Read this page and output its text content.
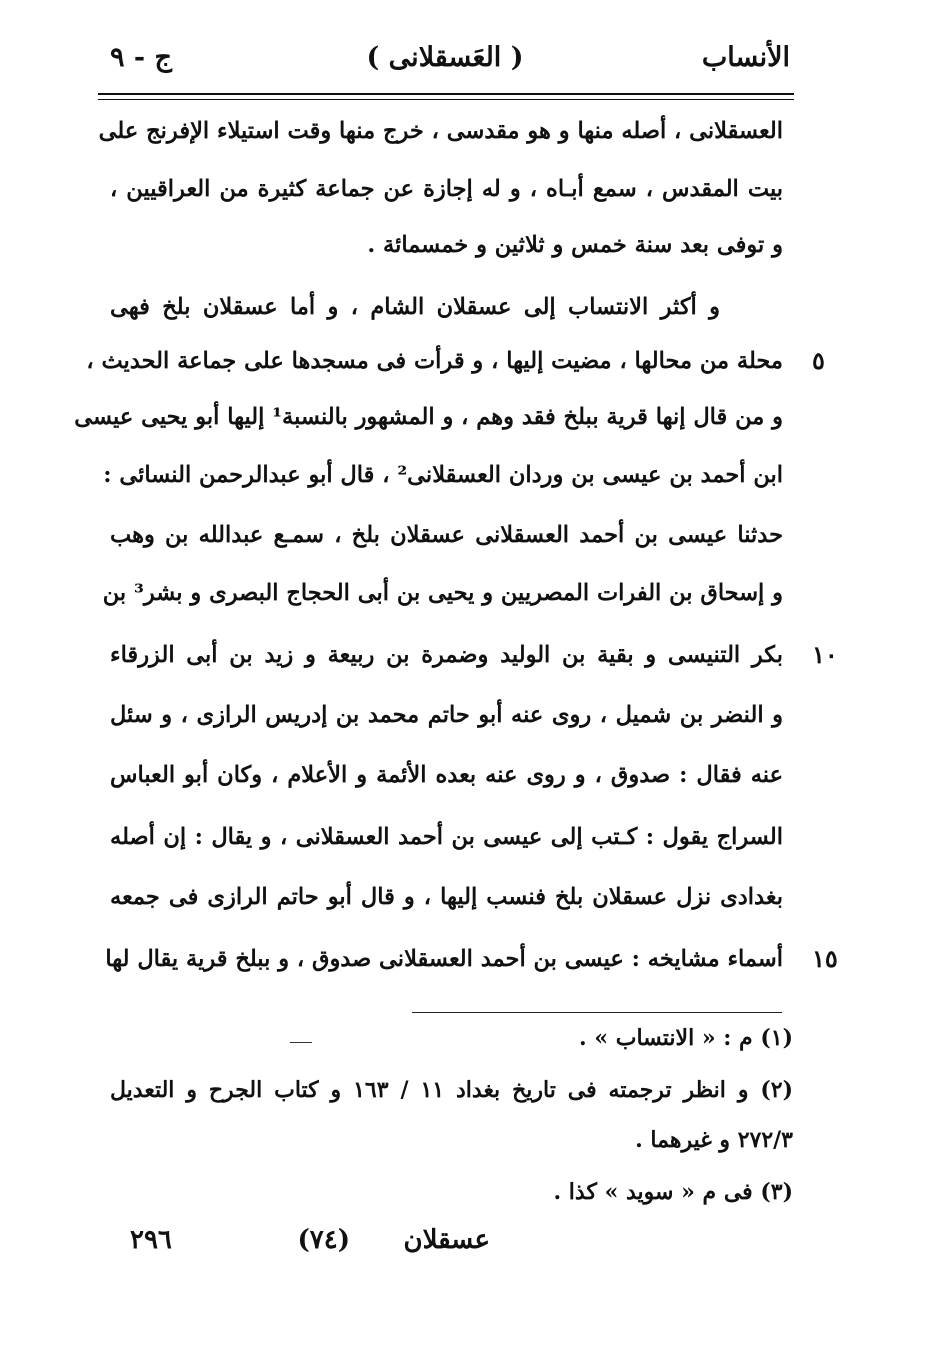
الأنساب
( العَسقلانى )
ج - ٩
العسقلانى ، أصله منها و هو مقدسى ، خرج منها وقت استيلاء الإفرنج على
بيت المقدس ، سمع أبـاه ، و له إجازة عن جماعة كثيرة من العراقيين ،
و توفى بعد سنة خمس و ثلاثين و خمسمائة .
و أكثر الانتساب إلى عسقلان الشام ، و أما عسقلان بلخ فهى
محلة من محالها ، مضيت إليها ، و قرأت فى مسجدها على جماعة الحديث ، ٥
و من قال إنها قرية ببلخ فقد وهم ، و المشهور بالنسبة¹ إليها أبو يحيى عيسى
ابن أحمد بن عيسى بن وردان العسقلانى² ، قال أبو عبدالرحمن النسائى :
حدثنا عيسى بن أحمد العسقلانى عسقلان بلخ ، سمـع عبدالله بن وهب
و إسحاق بن الفرات المصريين و يحيى بن أبى الحجاج البصرى و بشر³ بن
بكر التنيسى و بقية بن الوليد وضمرة بن ربيعة و زيد بن أبى الزرقاء ١٠
و النضر بن شميل ، روى عنه أبو حاتم محمد بن إدريس الرازى ، و سئل
عنه فقال : صدوق ، و روى عنه بعده الأئمة و الأعلام ، وكان أبو العباس
السراج يقول : كـتب إلى عيسى بن أحمد العسقلانى ، و يقال : إن أصله
بغدادى نزل عسقلان بلخ فنسب إليها ، و قال أبو حاتم الرازى فى جمعه
أسماء مشايخه : عيسى بن أحمد العسقلانى صدوق ، و ببلخ قرية يقال لها ١٥
(١) م : « الانتساب » .
(٢) و انظر ترجمته فى تاريخ بغداد ١١ / ١٦٣ و كتاب الجرح و التعديل
٢٧٢/٣ و غيرهما .
(٣) فى م « سويد » كذا .
عسقلان
(٧٤)
٢٩٦
